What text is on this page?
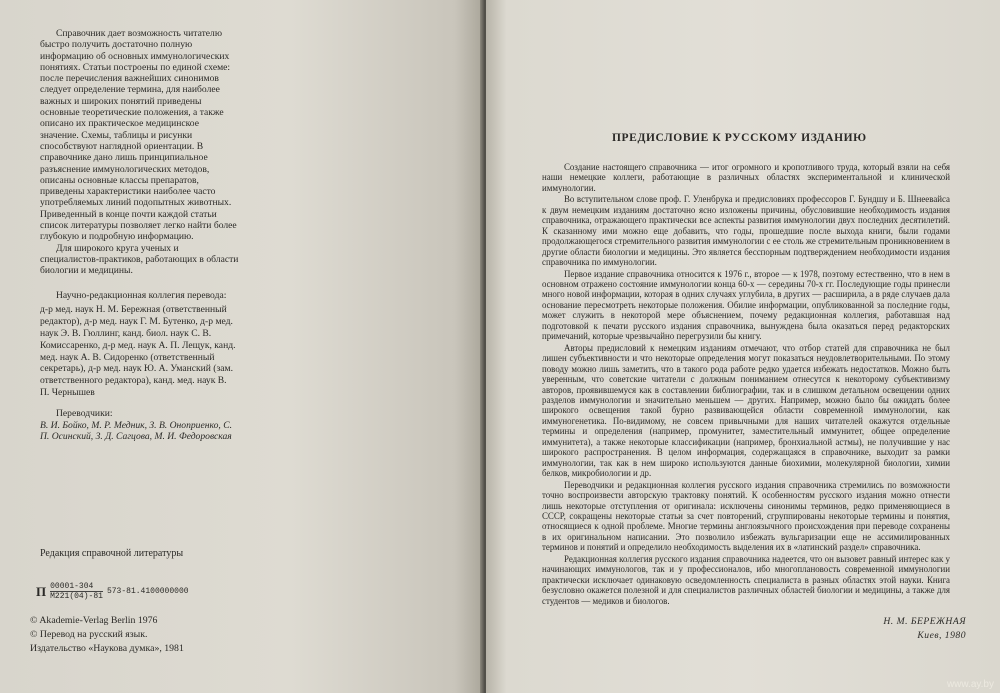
Справочник дает возможность читателю быстро получить достаточно полную информацию об основных иммунологических понятиях. Статьи построены по единой схеме: после перечисления важнейших синонимов следует определение термина, для наиболее важных и широких понятий приведены основные теоретические положения, а также описано их практическое медицинское значение. Схемы, таблицы и рисунки способствуют наглядной ориентации. В справочнике дано лишь принципиальное разъяснение иммунологических методов, описаны основные классы препаратов, приведены характеристики наиболее часто употребляемых линий подопытных животных. Приведенный в конце почти каждой статьи список литературы позволяет легко найти более глубокую и подробную информацию.

Для широкого круга ученых и специалистов-практиков, работающих в области биологии и медицины.

Научно-редакционная коллегия перевода:

д-р мед. наук Н. М. Бережная (ответственный редактор), д-р мед. наук Г. М. Бутенко, д-р мед. наук Э. В. Гюллинг, канд. биол. наук С. В. Комиссаренко, д-р мед. наук А. П. Лещук, канд. мед. наук А. В. Сидоренко (ответственный секретарь), д-р мед. наук Ю. А. Уманский (зам. ответственного редактора), канд. мед. наук В. П. Чернышев

Переводчики:

В. И. Бойко, М. Р. Медник, З. В. Оноприенко, С. П. Осинский, З. Д. Сагцова, М. И. Федоровская

Редакция справочной литературы
П $\frac{00001-304}{М221(04)-81} 573-81.4100000000$
© Akademie-Verlag Berlin 1976
© Перевод на русский язык.
Издательство «Наукова думка», 1981
ПРЕДИСЛОВИЕ К РУССКОМУ ИЗДАНИЮ

Создание настоящего справочника — итог огромного и кропотливого труда, который взяли на себя наши немецкие коллеги, работающие в различных областях экспериментальной и клинической иммунологии.

Во вступительном слове проф. Г. Уленбрука и предисловиях профессоров Г. Бундшу и Б. Шнеевайса к двум немецким изданиям достаточно ясно изложены причины, обусловившие необходимость издания справочника, отражающего практически все аспекты развития иммунологии двух последних десятилетий. К сказанному ими можно еще добавить, что годы, прошедшие после выхода книги, были годами продолжающегося стремительного развития иммунологии с ее столь же стремительным проникновением в другие области биологии и медицины. Это является бесспорным подтверждением необходимости издания справочника по иммунологии.

Первое издание справочника относится к 1976 г., второе — к 1978, поэтому естественно, что в нем в основном отражено состояние иммунологии конца 60-х — середины 70-х гг. Последующие годы принесли много новой информации, которая в одних случаях углубила, в других — расширила, а в ряде случаев дала основание пересмотреть некоторые положения. Обилие информации, опубликованной за последние годы, может служить в некоторой мере объяснением, почему редакционная коллегия, работавшая над подготовкой к печати русского издания справочника, вынуждена была оказаться перед редакторских примечаний, которые чрезвычайно перегрузили бы книгу.

Авторы предисловий к немецким изданиям отмечают, что отбор статей для справочника не был лишен субъективности и что некоторые определения могут показаться неудовлетворительными. По этому поводу можно лишь заметить, что в такого рода работе редко удается избежать недостатков. Можно быть уверенным, что советские читатели с должным пониманием отнесутся к некоторому субъективизму авторов, проявившемуся как в составлении библиографии, так и в слишком детальном освещении одних разделов иммунологии и значительно меньшем — других. Например, можно было бы ожидать более широкого освещения такой бурно развивающейся области современной иммунологии, как иммуногенетика. По-видимому, не совсем привычными для наших читателей окажутся отдельные термины и определения (например, промунитет, заместительный иммунитет, общее определение иммунитета), а также некоторые классификации (например, бронхиальной астмы), не получившие у нас широкого распространения. В целом информация, содержащаяся в справочнике, выходит за рамки иммунологии, так как в нем широко используются данные биохимии, молекулярной биологии, химии белков, микробиологии и др.

Переводчики и редакционная коллегия русского издания справочника стремились по возможности точно воспроизвести авторскую трактовку понятий. К особенностям русского издания можно отнести лишь некоторые отступления от оригинала: исключены синонимы терминов, редко применяющиеся в СССР, сокращены некоторые статьи за счет повторений, сгруппированы некоторые термины и понятия, относящиеся к одной проблеме. Многие термины англоязычного происхождения при переводе сохранены в их оригинальном написании. Это позволило избежать вульгаризации еще не ассимилированных терминов и понятий и определило необходимость выделения их в «латинский раздел» справочника.

Редакционная коллегия русского издания справочника надеется, что он вызовет равный интерес как у начинающих иммунологов, так и у профессионалов, ибо многоплановость современной иммунологии практически исключает одинаковую осведомленность специалиста в разных областях этой науки. Книга безусловно окажется полезной и для специалистов различных областей биологии и медицины, а также для студентов — медиков и биологов.

Н. М. БЕРЕЖНАЯ
Киев, 1980
www.ay.by
